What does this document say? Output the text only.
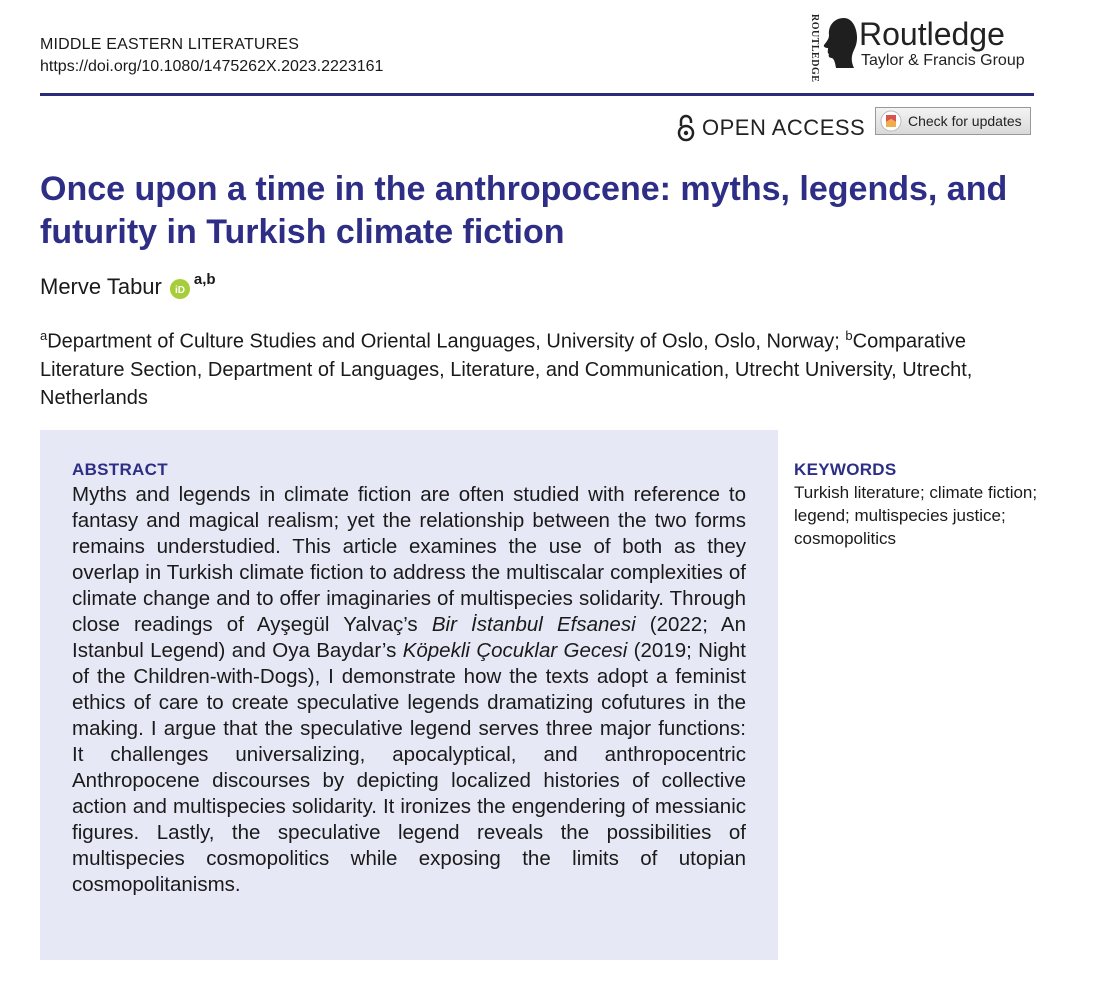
MIDDLE EASTERN LITERATURES
https://doi.org/10.1080/1475262X.2023.2223161	ROUTLEDGE Routledge
Taylor & Francis Group
OPEN ACCESS	Check for updates
Once upon a time in the anthropocene: myths, legends, and futurity in Turkish climate fiction
Merve Tabur iD
$^{a,b}$
$^a$Department of Culture Studies and Oriental Languages, University of Oslo, Oslo, Norway; $^b$Comparative Literature Section, Department of Languages, Literature, and Communication, Utrecht University, Utrecht, Netherlands
ABSTRACT
Myths and legends in climate fiction are often studied with reference to fantasy and magical realism; yet the relationship between the two forms remains understudied. This article examines the use of both as they overlap in Turkish climate fiction to address the multiscalar complexities of climate change and to offer imaginaries of multispecies solidarity. Through close readings of Ayşegül Yalvaç’s Bir İstanbul Efsanesi (2022; An Istanbul Legend) and Oya Baydar’s Köpekli Çocuklar Gecesi (2019; Night of the Children-with-Dogs), I demonstrate how the texts adopt a feminist ethics of care to create speculative legends dramatizing cofutures in the making. I argue that the speculative legend serves three major functions: It challenges universalizing, apocalyptical, and anthropocentric Anthropocene discourses by depicting localized histories of collective action and multispecies solidarity. It ironizes the engendering of messianic figures. Lastly, the speculative legend reveals the possibilities of multispecies cosmopolitics while exposing the limits of utopian cosmopolitanisms.
KEYWORDS
Turkish literature; climate fiction; legend; multispecies justice; cosmopolitics
